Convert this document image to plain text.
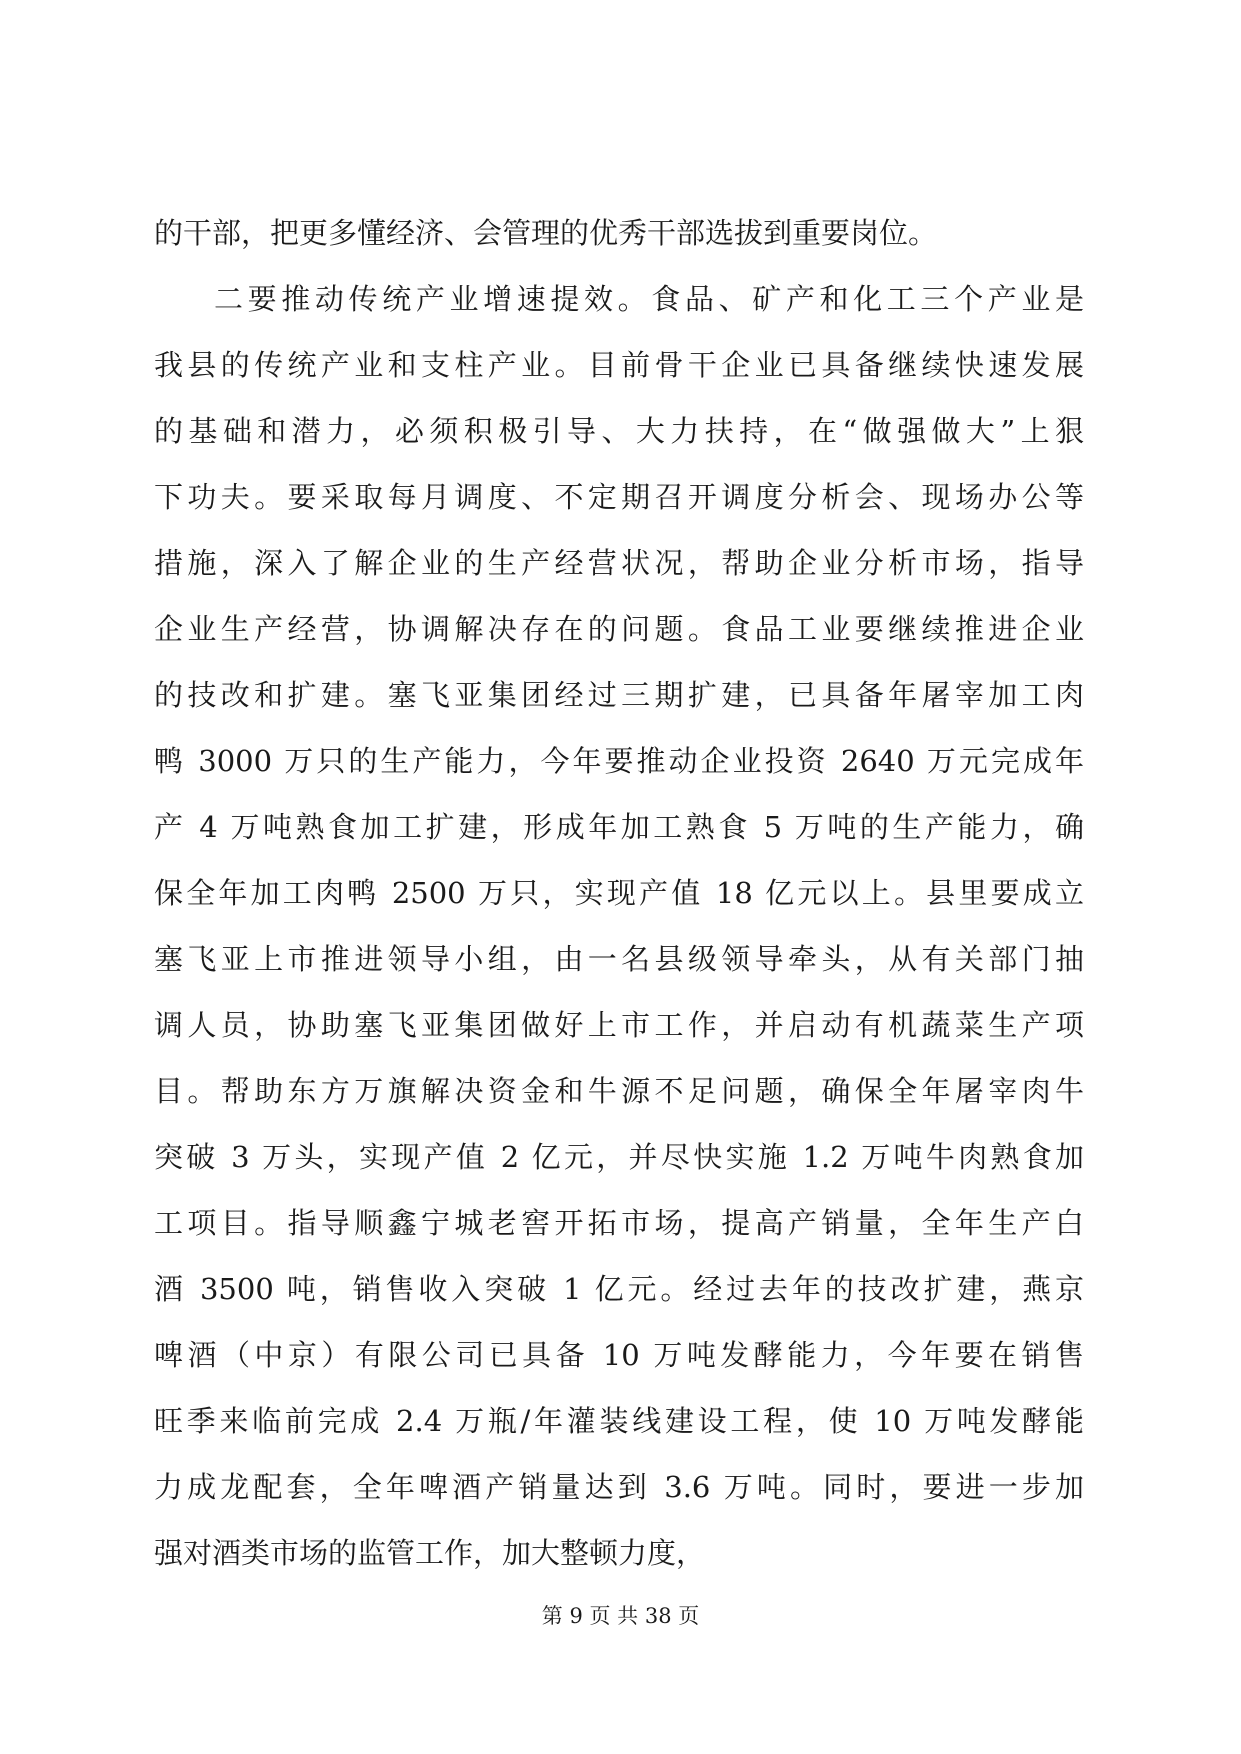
的干部，把更多懂经济、会管理的优秀干部选拔到重要岗位。
二要推动传统产业增速提效。食品、矿产和化工三个产业是
我县的传统产业和支柱产业。目前骨干企业已具备继续快速发展
的基础和潜力，必须积极引导、大力扶持，在“做强做大”上狠
下功夫。要采取每月调度、不定期召开调度分析会、现场办公等
措施，深入了解企业的生产经营状况，帮助企业分析市场，指导
企业生产经营，协调解决存在的问题。食品工业要继续推进企业
的技改和扩建。塞飞亚集团经过三期扩建，已具备年屠宰加工肉
鸭 3000 万只的生产能力，今年要推动企业投资 2640 万元完成年
产 4 万吨熟食加工扩建，形成年加工熟食 5 万吨的生产能力，确
保全年加工肉鸭 2500 万只，实现产值 18 亿元以上。县里要成立
塞飞亚上市推进领导小组，由一名县级领导牵头，从有关部门抽
调人员，协助塞飞亚集团做好上市工作，并启动有机蔬菜生产项
目。帮助东方万旗解决资金和牛源不足问题，确保全年屠宰肉牛
突破 3 万头，实现产值 2 亿元，并尽快实施 1.2 万吨牛肉熟食加
工项目。指导顺鑫宁城老窖开拓市场，提高产销量，全年生产白
酒 3500 吨，销售收入突破 1 亿元。经过去年的技改扩建，燕京
啤酒（中京）有限公司已具备 10 万吨发酵能力，今年要在销售
旺季来临前完成 2.4 万瓶/年灌装线建设工程，使 10 万吨发酵能
力成龙配套，全年啤酒产销量达到 3.6 万吨。同时，要进一步加
强对酒类市场的监管工作，加大整顿力度，
第 9 页 共 38 页
